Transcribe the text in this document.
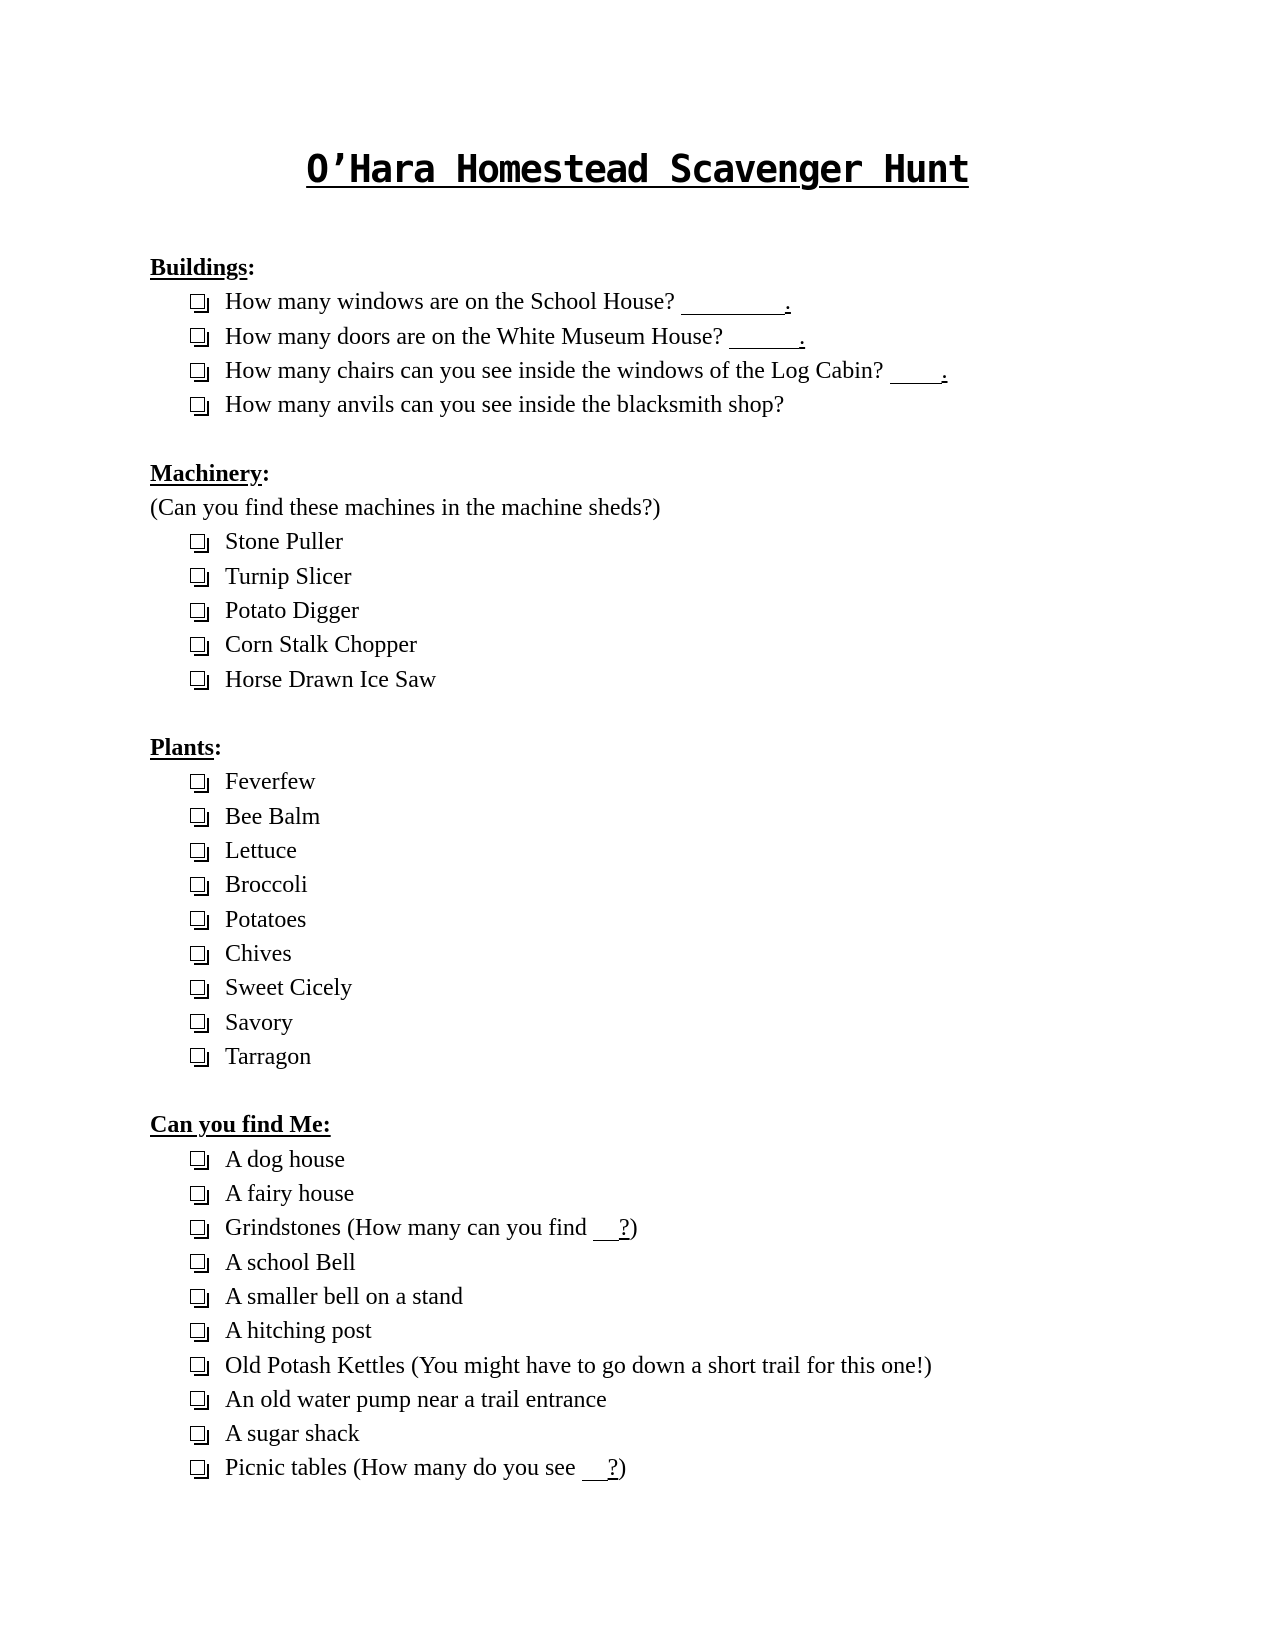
O’Hara Homestead Scavenger Hunt
Buildings:
How many windows are on the School House?	.
How many doors are on the White Museum House?	.
How many chairs can you see inside the windows of the Log Cabin? .
How many anvils can you see inside the blacksmith shop?
Machinery:
(Can you find these machines in the machine sheds?)
Stone Puller
Turnip Slicer
Potato Digger
Corn Stalk Chopper
Horse Drawn Ice Saw
Plants:
Feverfew
Bee Balm
Lettuce
Broccoli
Potatoes
Chives
Sweet Cicely
Savory
Tarragon
Can you find Me:
A dog house
A fairy house
Grindstones (How many can you find ? )
A school Bell
A smaller bell on a stand
A hitching post
Old Potash Kettles (You might have to go down a short trail for this one!)
An old water pump near a trail entrance
A sugar shack
Picnic tables (How many do you see ? )
